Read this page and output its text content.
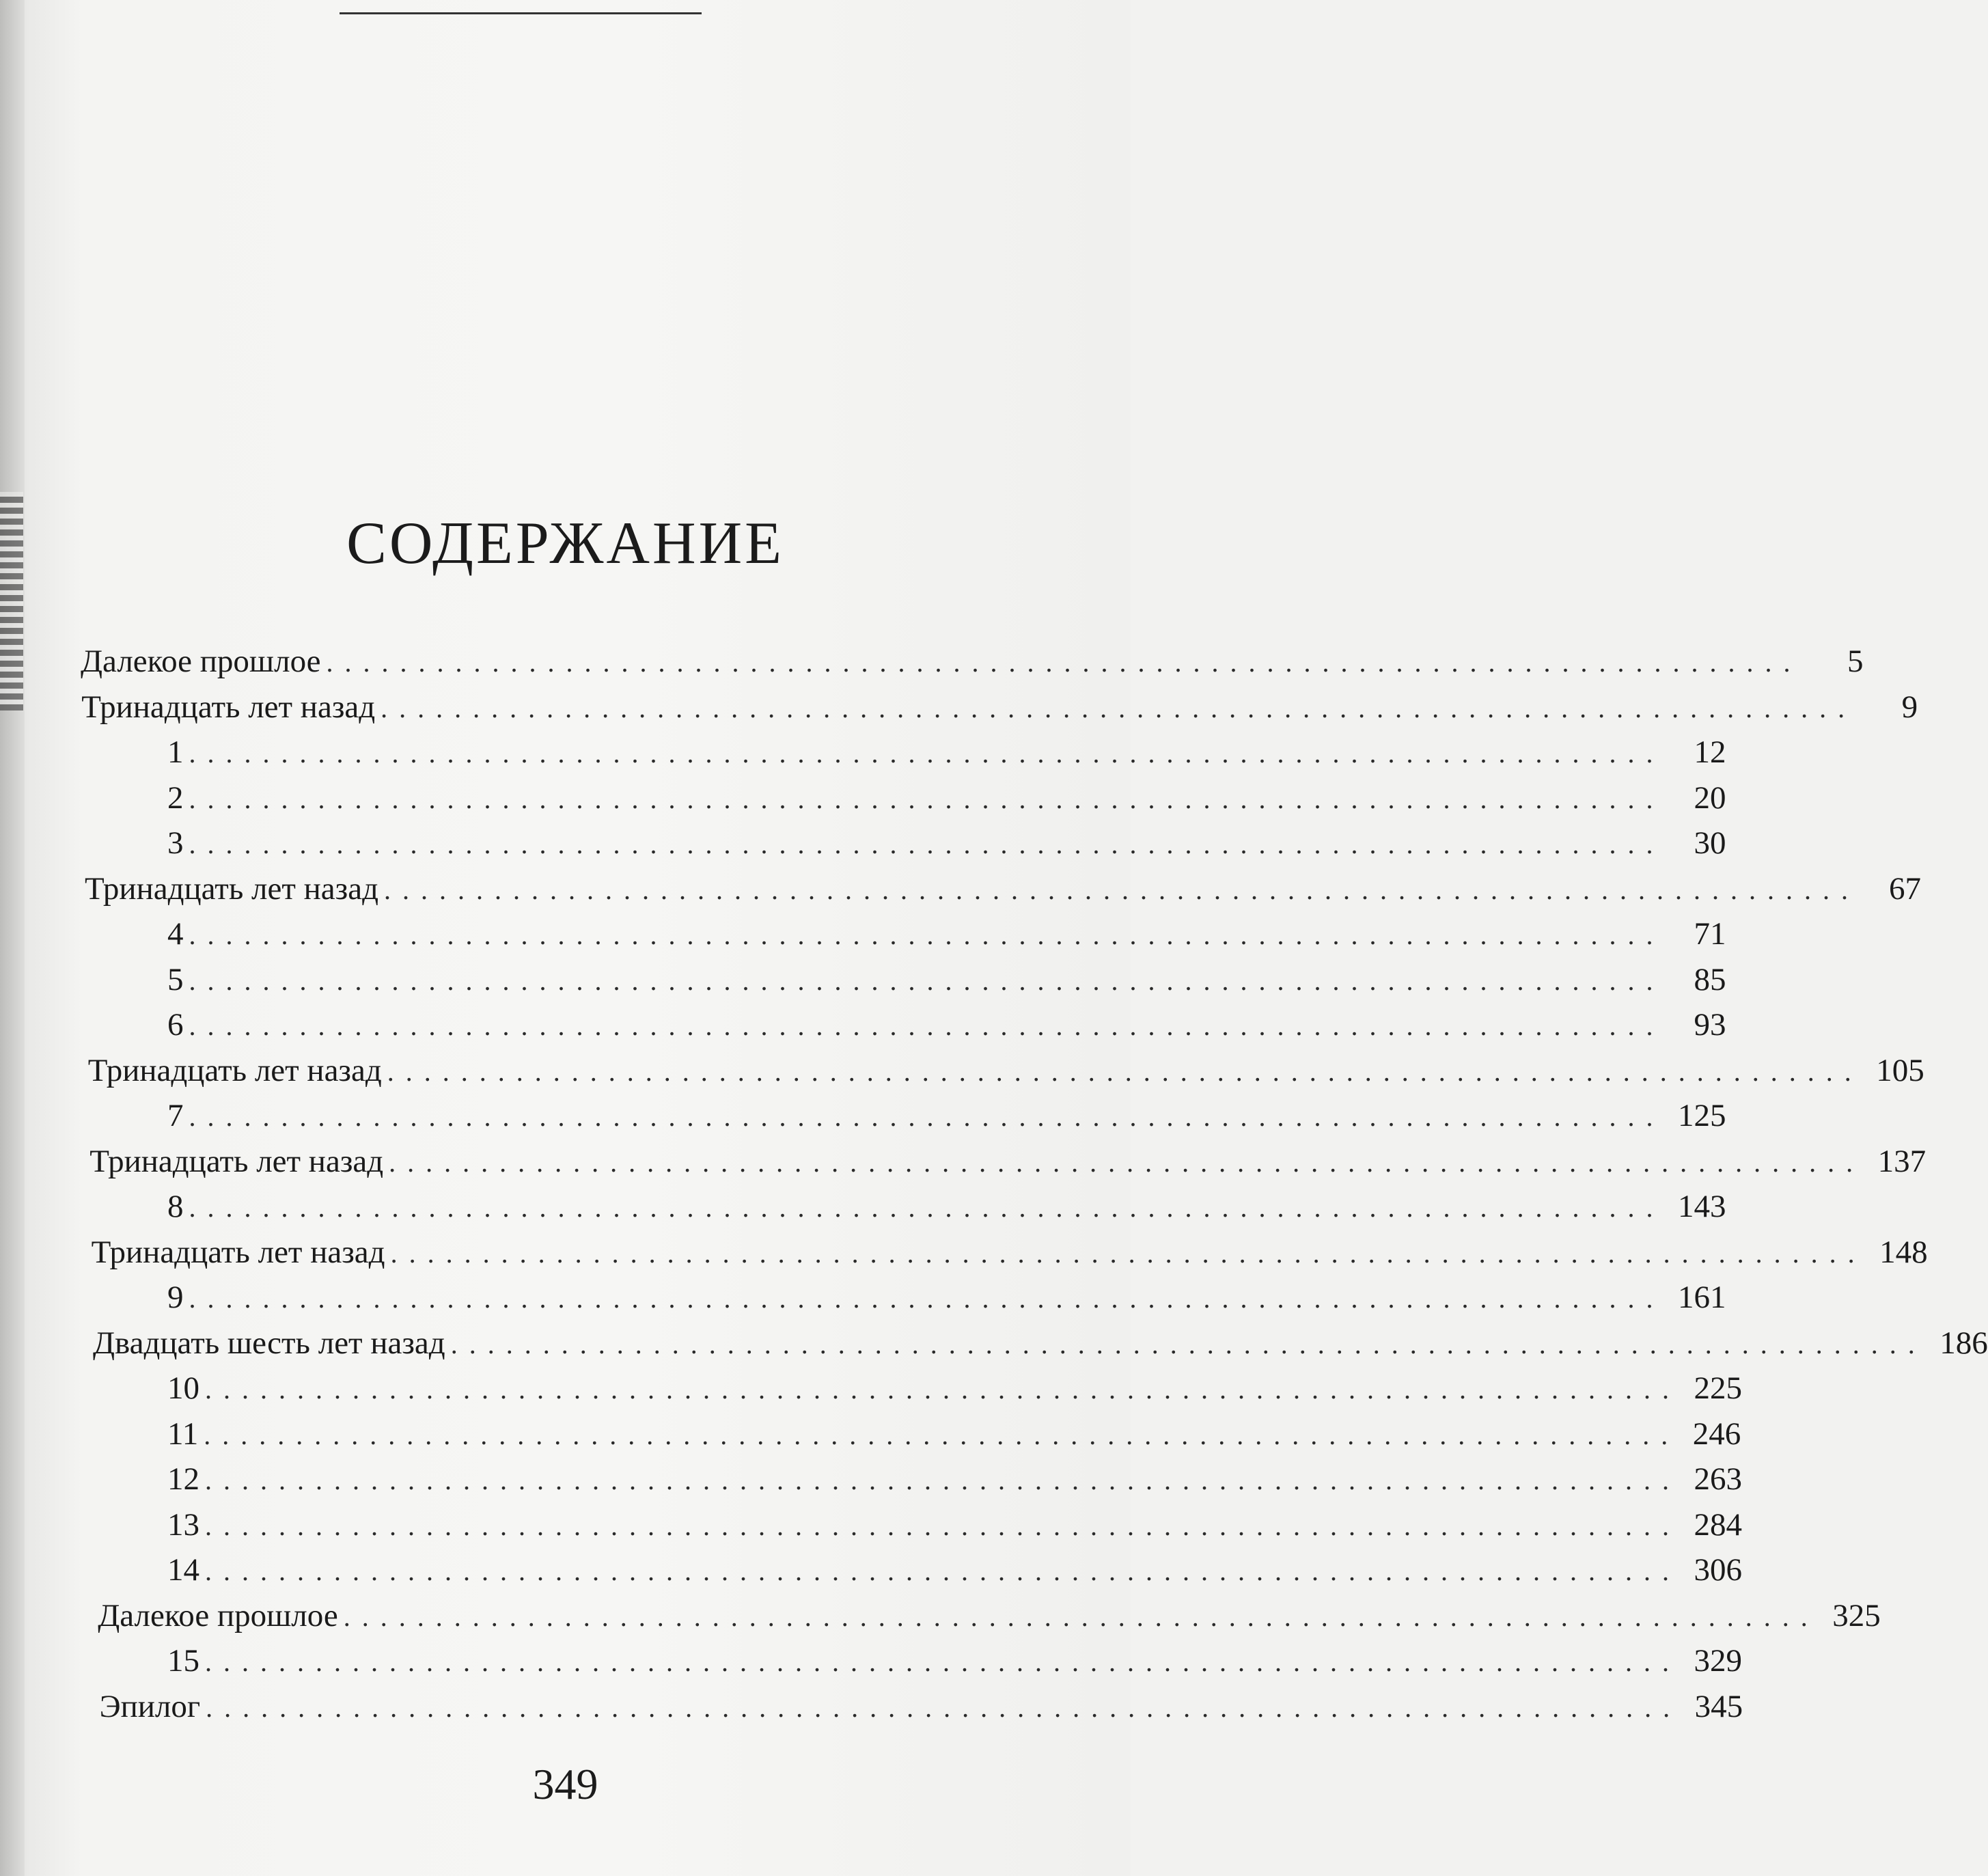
СОДЕРЖАНИЕ
Далекое прошлое ................................................................................	5
Тринадцать лет назад ................................................................................	9
1 ................................................................................ 12
2 ................................................................................ 20
3 ................................................................................ 30
Тринадцать лет назад ................................................................................ 67
4 ................................................................................ 71
5 ................................................................................ 85
6 ................................................................................ 93
Тринадцать лет назад ................................................................................ 105
7 ................................................................................ 125
Тринадцать лет назад ................................................................................ 137
8 ................................................................................ 143
Тринадцать лет назад ................................................................................ 148
9 ................................................................................ 161
Двадцать шесть лет назад ................................................................................ 186
10 ................................................................................ 225
11 ................................................................................ 246
12 ................................................................................ 263
13 ................................................................................ 284
14 ................................................................................ 306
Далекое прошлое ................................................................................ 325
15 ................................................................................ 329
Эпилог ................................................................................ 345
349
